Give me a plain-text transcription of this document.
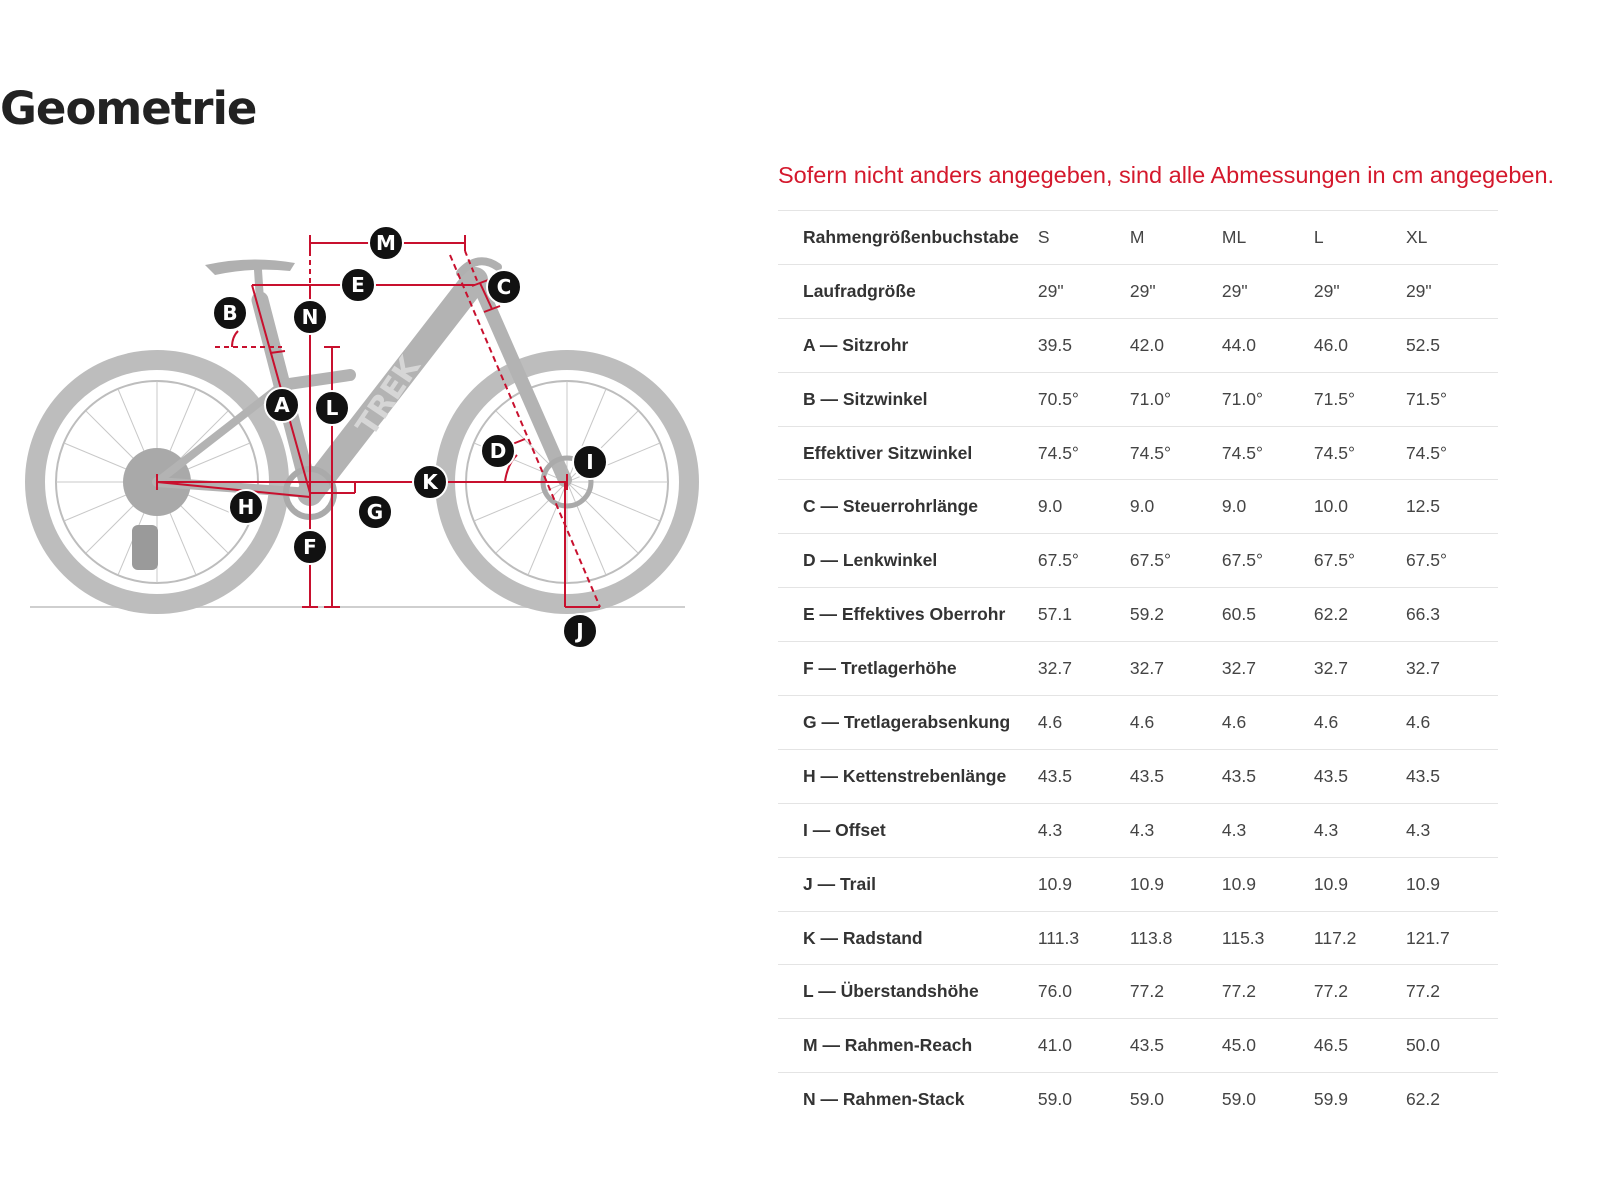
Geometrie
TREK
A
B
C
D
E
F
G
H
I
J
K
L
M
N

Sofern nicht anders angegeben, sind alle Abmessungen in cm angegeben.

Rahmengrößenbuchstabe	S	M	ML	L	XL
Laufradgröße	29"	29"	29"	29"	29"
A — Sitzrohr	39.5	42.0	44.0	46.0	52.5
B — Sitzwinkel	70.5°	71.0°	71.0°	71.5°	71.5°
Effektiver Sitzwinkel	74.5°	74.5°	74.5°	74.5°	74.5°
C — Steuerrohrlänge	9.0	9.0	9.0	10.0	12.5
D — Lenkwinkel	67.5°	67.5°	67.5°	67.5°	67.5°
E — Effektives Oberrohr	57.1	59.2	60.5	62.2	66.3
F — Tretlagerhöhe	32.7	32.7	32.7	32.7	32.7
G — Tretlagerabsenkung	4.6	4.6	4.6	4.6	4.6
H — Kettenstrebenlänge	43.5	43.5	43.5	43.5	43.5
I — Offset	4.3	4.3	4.3	4.3	4.3
J — Trail	10.9	10.9	10.9	10.9	10.9
K — Radstand	111.3	113.8	115.3	117.2	121.7
L — Überstandshöhe	76.0	77.2	77.2	77.2	77.2
M — Rahmen-Reach	41.0	43.5	45.0	46.5	50.0
N — Rahmen-Stack	59.0	59.0	59.0	59.9	62.2
